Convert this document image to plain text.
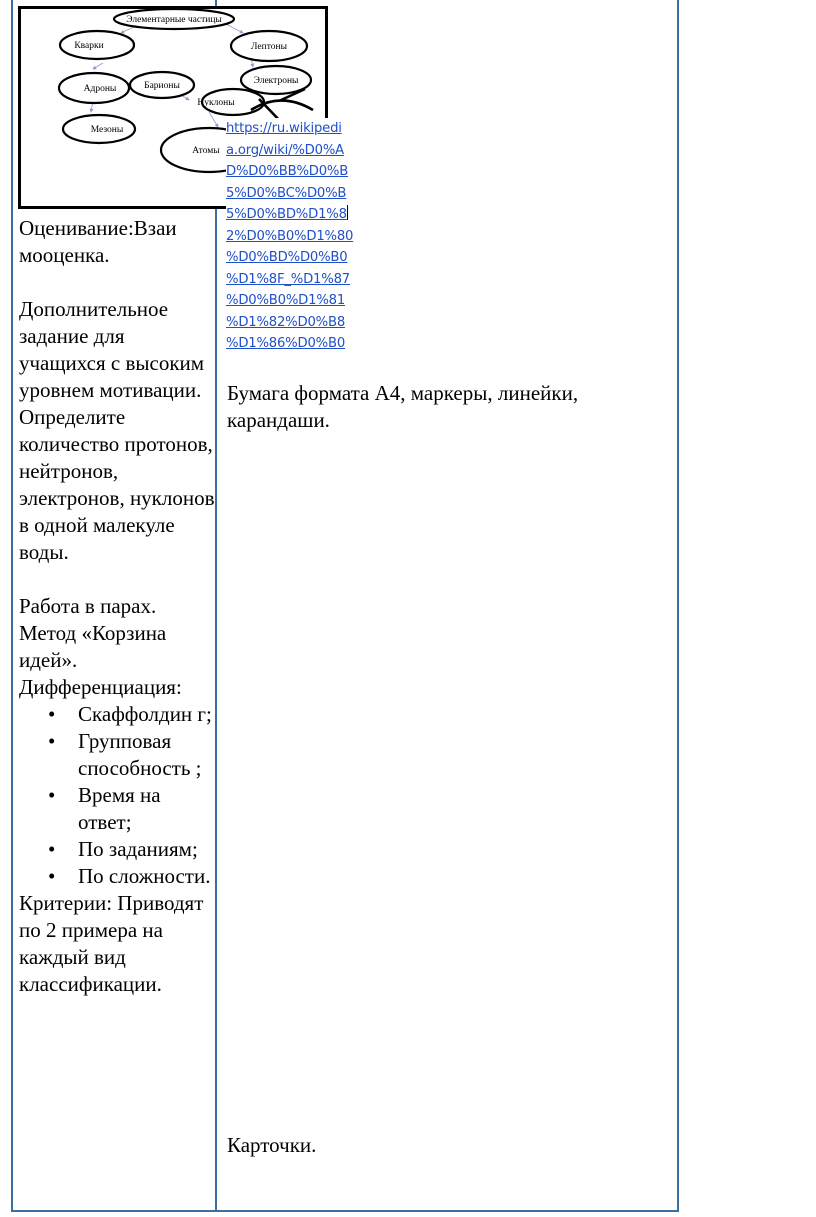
Элементарные частицы
Кварки	Лептоны
Электроны
Адроны	Барионы
Нуклоны
Мезоны
Атомы
https://ru.wikipedi
a.org/wiki/%D0%A
D%D0%BB%D0%B
5%D0%BC%D0%B
5%D0%BD%D1%8
2%D0%B0%D1%80
%D0%BD%D0%B0
%D1%8F_%D1%87
%D0%B0%D1%81
%D1%82%D0%B8
%D1%86%D0%B0

Оценивание:Взаи мооценка.

Дополнительное задание для учащихся с высоким уровнем мотивации. Определите количество протонов, нейтронов, электронов, нуклонов в одной малекуле воды.

Работа в парах. Метод «Корзина идей».

Дифференциация:

• Скаффолдин г;
• Групповая способность ;
• Время на ответ;
• По заданиям;
• По сложности.

Критерии: Приводят по 2 примера на каждый вид классификации.

Бумага формата А4, маркеры, линейки, карандаши.
Карточки.
